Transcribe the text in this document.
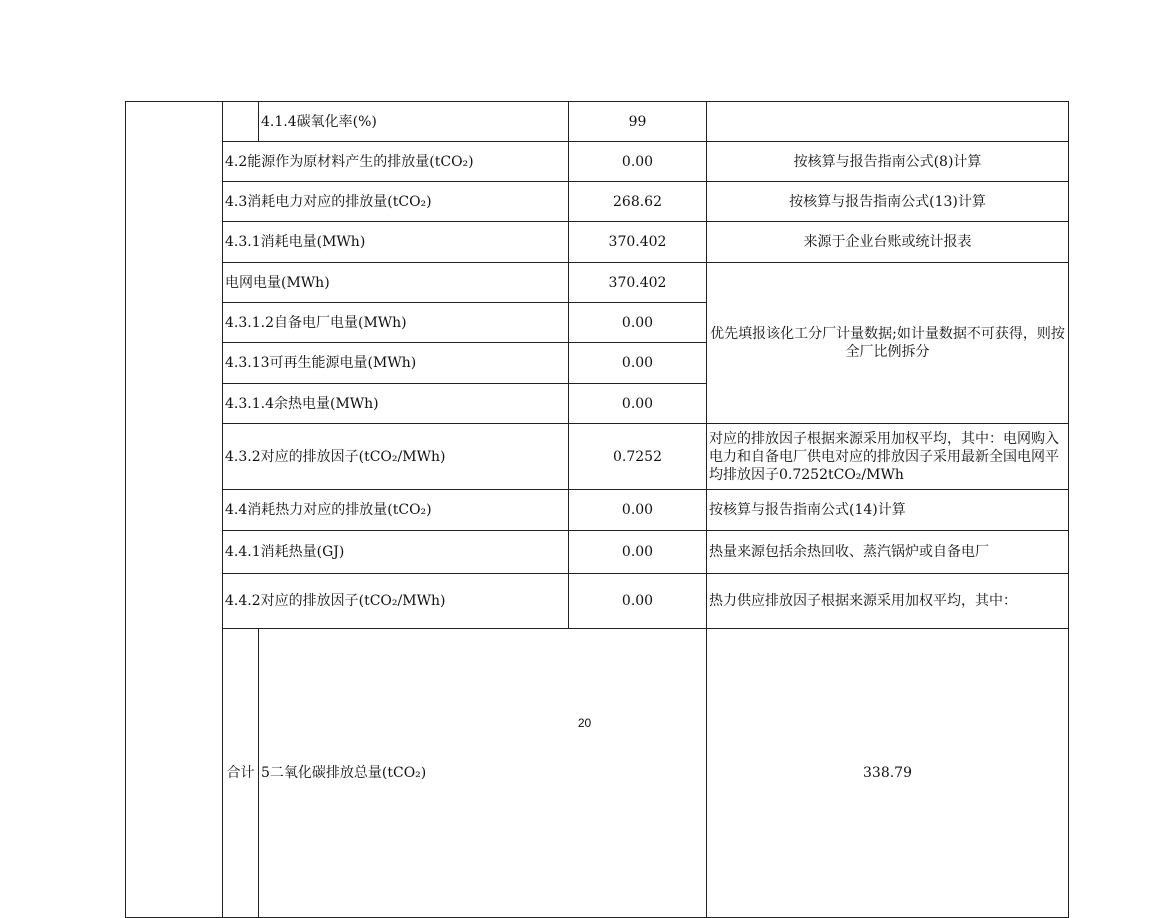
		4.1.4碳氧化率(%)	99		
	4.2能源作为原材料产生的排放量(tCO₂)		0.00	按核算与报告指南公式(8)计算	
	4.3消耗电力对应的排放量(tCO₂)		268.62	按核算与报告指南公式(13)计算	
	4.3.1消耗电量(MWh)		370.402	来源于企业台账或统计报表	
	电网电量(MWh)		370.402	优先填报该化工分厂计量数据;如计量数据不可获得，则按全厂比例拆分	
	4.3.1.2自备电厂电量(MWh)		0.00		
	4.3.13可再生能源电量(MWh)		0.00		
	4.3.1.4余热电量(MWh)		0.00		
	4.3.2对应的排放因子(tCO₂/MWh)		0.7252	对应的排放因子根据来源采用加权平均，其中：电网购入电力和自备电厂供电对应的排放因子采用最新全国电网平均排放因子0.7252tCO₂/MWh	
	4.4消耗热力对应的排放量(tCO₂)		0.00	按核算与报告指南公式(14)计算	
	4.4.1消耗热量(GJ)		0.00	热量来源包括余热回收、蒸汽锅炉或自备电厂	
	4.4.2对应的排放因子(tCO₂/MWh)		0.00	热力供应排放因子根据来源采用加权平均，其中：	
	合计	5二氧化碳排放总量(tCO₂)		338.79	
20
